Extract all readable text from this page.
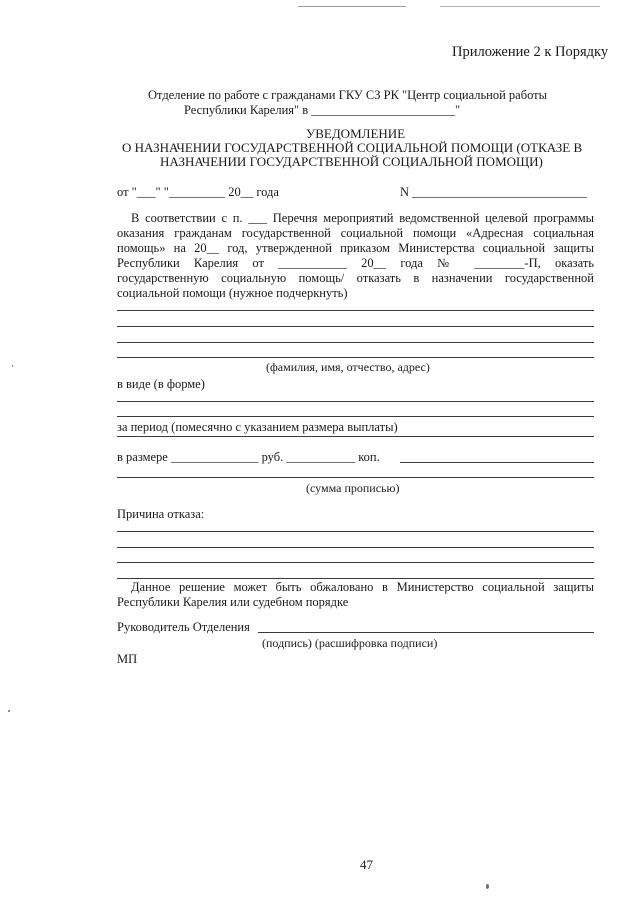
Приложение 2 к Порядку
Отделение по работе с гражданами ГКУ СЗ РК "Центр социальной работы
Республики Карелия" в _______________________"
УВЕДОМЛЕНИЕ
О НАЗНАЧЕНИИ ГОСУДАРСТВЕННОЙ СОЦИАЛЬНОЙ ПОМОЩИ (ОТКАЗЕ В
НАЗНАЧЕНИИ ГОСУДАРСТВЕННОЙ СОЦИАЛЬНОЙ ПОМОЩИ)
от "___" "_________ 20__ года	N ____________________________
В соответствии с п. ___ Перечня мероприятий ведомственной целевой программы
оказания гражданам государственной социальной помощи «Адресная социальная
помощь» на 20__ год, утвержденной приказом Министерства социальной защиты
Республики Карелия от ___________ 20__ года № ________-П, оказать
государственную социальную помощь/ отказать в назначении государственной
социальной помощи (нужное подчеркнуть)
(фамилия, имя, отчество, адрес)
в виде (в форме)
за период (помесячно с указанием размера выплаты)
в размере ______________ руб. ___________ коп.
(сумма прописью)
Причина отказа:
Данное решение может быть обжаловано в Министерство социальной защиты
Республики Карелия или судебном порядке
Руководитель Отделения
(подпись) (расшифровка подписи)
МП
47
